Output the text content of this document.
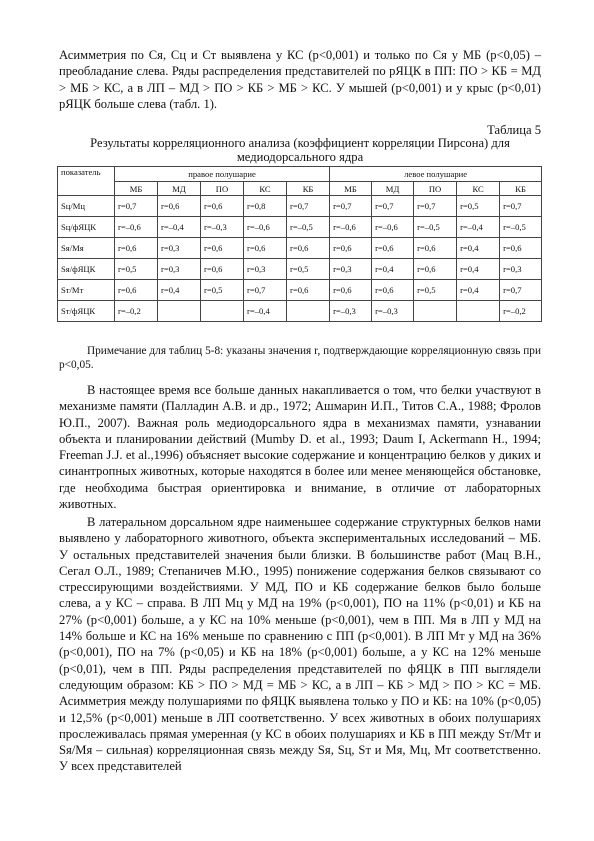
Асимметрия по Ся, Сц и Ст выявлена у КС (р<0,001) и только по Ся у МБ (р<0,05) – преобладание слева. Ряды распределения представителей по рЯЦК в ПП: ПО > КБ = МД > МБ > КС, а в ЛП – МД > ПО > КБ > МБ > КС. У мышей (р<0,001) и у крыс (р<0,01) рЯЦК больше слева (табл. 1).

Таблица 5

Результаты корреляционного анализа (коэффициент корреляции Пирсона) для медиодорсального ядра

показатель	правое полушарие					левое полушарие				
	МБ	МД	ПО	КС	КБ	МБ	МД	ПО	КС	КБ
Sц/Мц	r=0,7	r=0,6	r=0,6	r=0,8	r=0,7	r=0,7	r=0,7	r=0,7	r=0,5	r=0,7
Sц/фЯЦК	r=–0,6	r=–0,4	r=–0,3	r=–0,6	r=–0,5	r=–0,6	r=–0,6	r=–0,5	r=–0,4	r=–0,5
Sя/Мя	r=0,6	r=0,3	r=0,6	r=0,6	r=0,6	r=0,6	r=0,6	r=0,6	r=0,4	r=0,6
Sя/фЯЦК	r=0,5	r=0,3	r=0,6	r=0,3	r=0,5	r=0,3	r=0,4	r=0,6	r=0,4	r=0,3
Sт/Мт	r=0,6	r=0,4	r=0,5	r=0,7	r=0,6	r=0,6	r=0,6	r=0,5	r=0,4	r=0,7
Sт/фЯЦК	r=–0,2			r=–0,4		r=–0,3	r=–0,3			r=–0,2

Примечание для таблиц 5-8: указаны значения r, подтверждающие корреляционную связь при р<0,05.

В настоящее время все больше данных накапливается о том, что белки участвуют в механизме памяти (Палладин А.В. и др., 1972; Ашмарин И.П., Титов С.А., 1988; Фролов Ю.П., 2007). Важная роль медиодорсального ядра в механизмах памяти, узнавании объекта и планировании действий (Mumby D. et al., 1993; Daum I, Ackermann H., 1994; Freeman J.J. et al.,1996) объясняет высокие содержание и концентрацию белков у диких и синантропных животных, которые находятся в более или менее меняющейся обстановке, где необходима быстрая ориентировка и внимание, в отличие от лабораторных животных.

В латеральном дорсальном ядре наименьшее содержание структурных белков нами выявлено у лабораторного животного, объекта экспериментальных исследований – МБ. У остальных представителей значения были близки. В большинстве работ (Мац В.Н., Сегал О.Л., 1989; Степаничев М.Ю., 1995) понижение содержания белков связывают со стрессирующими воздействиями. У МД, ПО и КБ содержание белков было больше слева, а у КС – справа. В ЛП Мц у МД на 19% (р<0,001), ПО на 11% (р<0,01) и КБ на 27% (р<0,001) больше, а у КС на 10% меньше (р<0,001), чем в ПП. Мя в ЛП у МД на 14% больше и КС на 16% меньше по сравнению с ПП (р<0,001). В ЛП Мт у МД на 36% (р<0,001), ПО на 7% (р<0,05) и КБ на 18% (р<0,001) больше, а у КС на 12% меньше (р<0,01), чем в ПП. Ряды распределения представителей по фЯЦК в ПП выглядели следующим образом: КБ > ПО > МД = МБ > КС, а в ЛП – КБ > МД > ПО > КС = МБ. Асимметрия между полушариями по фЯЦК выявлена только у ПО и КБ: на 10% (р<0,05) и 12,5% (р<0,001) меньше в ЛП соответственно. У всех животных в обоих полушариях прослеживалась прямая умеренная (у КС в обоих полушариях и КБ в ПП между Sт/Мт и Sя/Мя – сильная) корреляционная связь между Sя, Sц, Sт и Мя, Мц, Мт соответственно. У всех представителей
